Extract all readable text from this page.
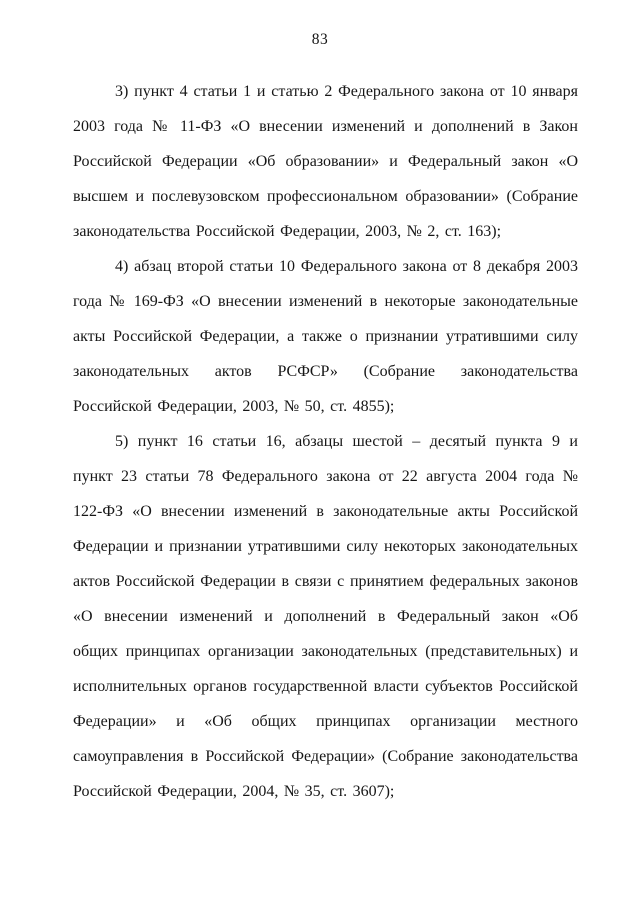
83

3) пункт 4 статьи 1 и статью 2 Федерального закона от 10 января 2003 года № 11-ФЗ «О внесении изменений и дополнений в Закон Российской Федерации «Об образовании» и Федеральный закон «О высшем и послевузовском профессиональном образовании» (Собрание законодательства Российской Федерации, 2003, № 2, ст. 163);

4) абзац второй статьи 10 Федерального закона от 8 декабря 2003 года № 169-ФЗ «О внесении изменений в некоторые законодательные акты Российской Федерации, а также о признании утратившими силу законодательных актов РСФСР» (Собрание законодательства Российской Федерации, 2003, № 50, ст. 4855);

5) пункт 16 статьи 16, абзацы шестой – десятый пункта 9 и пункт 23 статьи 78 Федерального закона от 22 августа 2004 года № 122-ФЗ «О внесении изменений в законодательные акты Российской Федерации и признании утратившими силу некоторых законодательных актов Российской Федерации в связи с принятием федеральных законов «О внесении изменений и дополнений в Федеральный закон «Об общих принципах организации законодательных (представительных) и исполнительных органов государственной власти субъектов Российской Федерации» и «Об общих принципах организации местного самоуправления в Российской Федерации» (Собрание законодательства Российской Федерации, 2004, № 35, ст. 3607);
